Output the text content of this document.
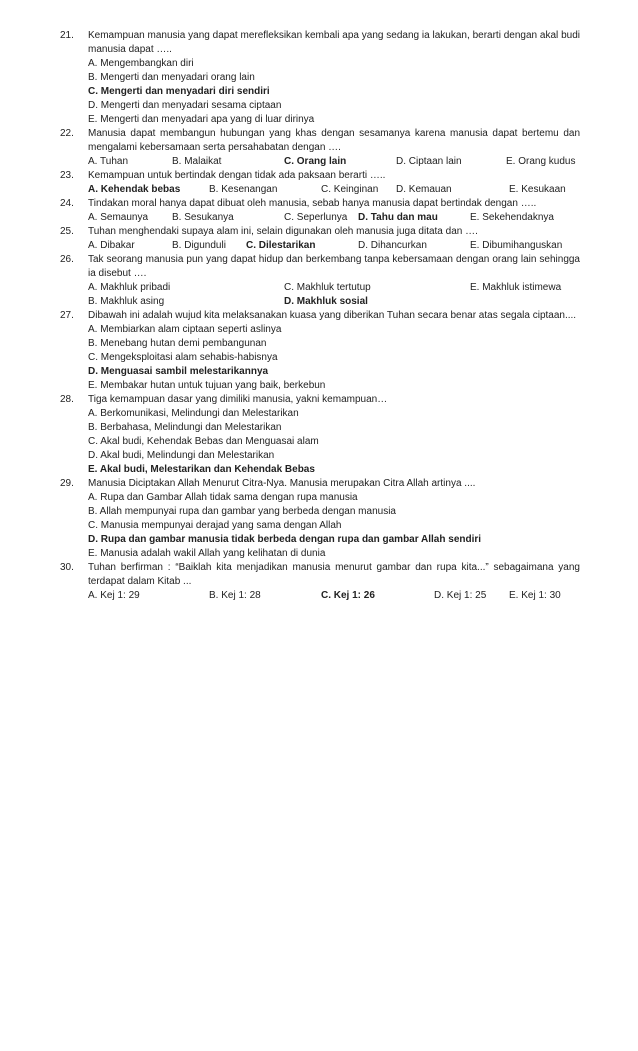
21.	Kemampuan manusia yang dapat merefleksikan kembali apa yang sedang ia lakukan, berarti dengan akal budi manusia dapat …..
A. Mengembangkan diri
B. Mengerti dan menyadari orang lain
C. Mengerti dan menyadari diri sendiri
D. Mengerti dan menyadari sesama ciptaan
E. Mengerti dan menyadari apa yang di luar dirinya
22.	Manusia dapat membangun hubungan yang khas dengan sesamanya karena manusia dapat bertemu dan mengalami kebersamaan serta persahabatan dengan ….
A. Tuhan	B. Malaikat	C. Orang lain	D. Ciptaan lain	E. Orang kudus
23.	Kemampuan untuk bertindak dengan tidak ada paksaan berarti …..
A. Kehendak bebas	B. Kesenangan	C. Keinginan D. Kemauan	E. Kesukaan
24.	Tindakan moral hanya dapat dibuat oleh manusia, sebab hanya manusia dapat bertindak dengan …..
A. Semaunya B. Sesukanya	C. Seperlunya D. Tahu dan mau	E. Sekehendaknya
25.	Tuhan menghendaki supaya alam ini, selain digunakan oleh manusia juga ditata dan ….
A. Dibakar	B. Digunduli C. Dilestarikan	D. Dihancurkan	E. Dibumihanguskan
26.	Tak seorang manusia pun yang dapat hidup dan berkembang tanpa kebersamaan dengan orang lain sehingga ia disebut ….
A. Makhluk pribadi	C. Makhluk tertutup	E. Makhluk istimewa
B. Makhluk asing	D. Makhluk sosial
27.	Dibawah ini adalah wujud kita melaksanakan kuasa yang diberikan Tuhan secara benar atas segala ciptaan....
A. Membiarkan alam ciptaan seperti aslinya
B. Menebang hutan demi pembangunan
C. Mengeksploitasi alam sehabis-habisnya
D. Menguasai sambil melestarikannya
E. Membakar hutan untuk tujuan yang baik, berkebun
28.	Tiga kemampuan dasar yang dimiliki manusia, yakni kemampuan…
A. Berkomunikasi, Melindungi dan Melestarikan
B. Berbahasa, Melindungi dan Melestarikan
C. Akal budi, Kehendak Bebas dan Menguasai alam
D. Akal budi, Melindungi dan Melestarikan
E. Akal budi, Melestarikan dan Kehendak Bebas
29.	Manusia Diciptakan Allah Menurut Citra-Nya. Manusia merupakan Citra Allah artinya ....
A. Rupa dan Gambar Allah tidak sama dengan rupa manusia
B. Allah mempunyai rupa dan gambar yang berbeda dengan manusia
C. Manusia mempunyai derajad yang sama dengan Allah
D. Rupa dan gambar manusia tidak berbeda dengan rupa dan gambar Allah sendiri
E. Manusia adalah wakil Allah yang kelihatan di dunia
30.	Tuhan berfirman : “Baiklah kita menjadikan manusia menurut gambar dan rupa kita...” sebagaimana yang terdapat dalam Kitab ...
A. Kej 1: 29	B. Kej 1: 28	C. Kej 1: 26	D. Kej 1: 25 E. Kej 1: 30
